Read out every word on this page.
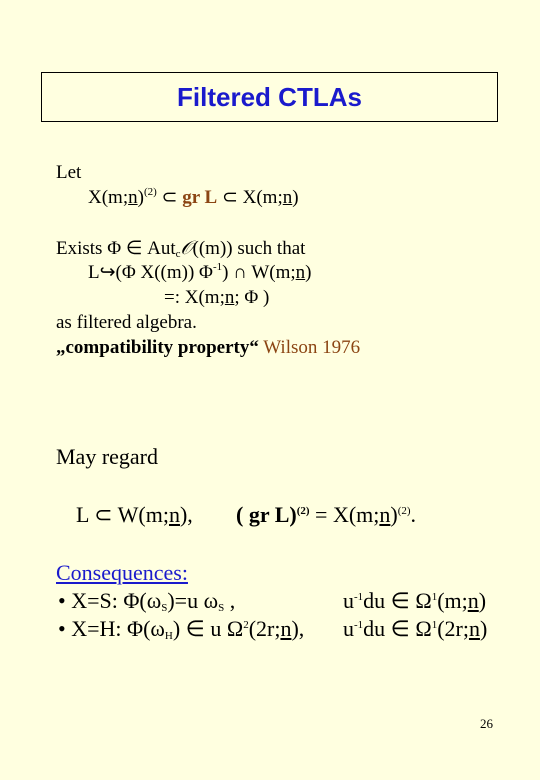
Filtered CTLAs
Let
X(m;n)$^{(2)}$ ⊂ gr L ⊂ X(m;n)
Exists Φ ∈ Aut$_c$𝒪((m)) such that
L↪(Φ X((m)) $\Phi^{-1}$) ∩ W(m;n)
=: X(m;n; Φ )
as filtered algebra.
„compatibility property“ Wilson 1976
May regard
L ⊂ W(m;n), ( gr L)$^{(2)}$ = X(m;n)$^{(2)}$.
Consequences:
• X=S: $\Phi(\omega_S)=u$ $\omega_S$ ,	$u^{-1}du$ ∈ $\Omega^1(m;n)$
• X=H: $\Phi(\omega_H)$ ∈ u $\Omega^2(2r;n)$, $u^{-1}du$ ∈ $\Omega^1(2r;n)$
26
